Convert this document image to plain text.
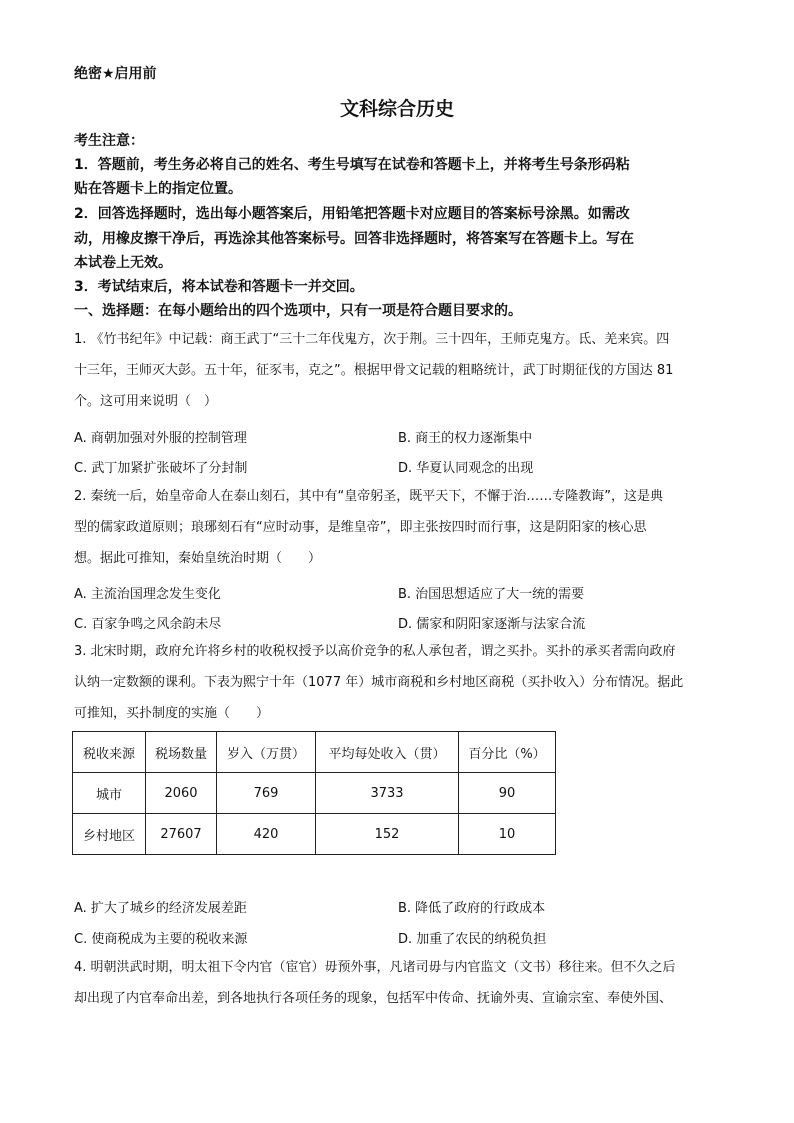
绝密★启用前
文科综合历史
考生注意：
1．答题前，考生务必将自己的姓名、考生号填写在试卷和答题卡上，并将考生号条形码粘
贴在答题卡上的指定位置。
2．回答选择题时，选出每小题答案后，用铅笔把答题卡对应题目的答案标号涂黑。如需改
动，用橡皮擦干净后，再选涂其他答案标号。回答非选择题时，将答案写在答题卡上。写在
本试卷上无效。
3．考试结束后，将本试卷和答题卡一并交回。
一、选择题：在每小题给出的四个选项中，只有一项是符合题目要求的。
1. 《竹书纪年》中记载：商王武丁“三十二年伐鬼方，次于荆。三十四年，王师克鬼方。氐、羌来宾。四
十三年，王师灭大彭。五十年，征豕韦，克之”。根据甲骨文记载的粗略统计，武丁时期征伐的方国达 81
个。这可用来说明（　）
A. 商朝加强对外服的控制管理	B. 商王的权力逐渐集中
C. 武丁加紧扩张破坏了分封制	D. 华夏认同观念的出现
2. 秦统一后，始皇帝命人在泰山刻石，其中有“皇帝躬圣，既平天下，不懈于治……专隆教诲”，这是典
型的儒家政道原则；琅琊刻石有“应时动事，是维皇帝”，即主张按四时而行事，这是阴阳家的核心思
想。据此可推知，秦始皇统治时期（　　）
A. 主流治国理念发生变化	B. 治国思想适应了大一统的需要
C. 百家争鸣之风余韵未尽	D. 儒家和阴阳家逐渐与法家合流
3. 北宋时期，政府允许将乡村的收税权授予以高价竞争的私人承包者，谓之买扑。买扑的承买者需向政府
认纳一定数额的课利。下表为熙宁十年（1077 年）城市商税和乡村地区商税（买扑收入）分布情况。据此
可推知，买扑制度的实施（　　）
税收来源	税场数量	岁入（万贯）	平均每处收入（贯）	百分比（%）
城市	2060	769	3733	90
乡村地区	27607	420	152	10
A. 扩大了城乡的经济发展差距	B. 降低了政府的行政成本
C. 使商税成为主要的税收来源	D. 加重了农民的纳税负担
4. 明朝洪武时期，明太祖下令内官（宦官）毋预外事，凡诸司毋与内官监文（文书）移往来。但不久之后
却出现了内官奉命出差，到各地执行各项任务的现象，包括军中传命、抚谕外夷、宣谕宗室、奉使外国、
